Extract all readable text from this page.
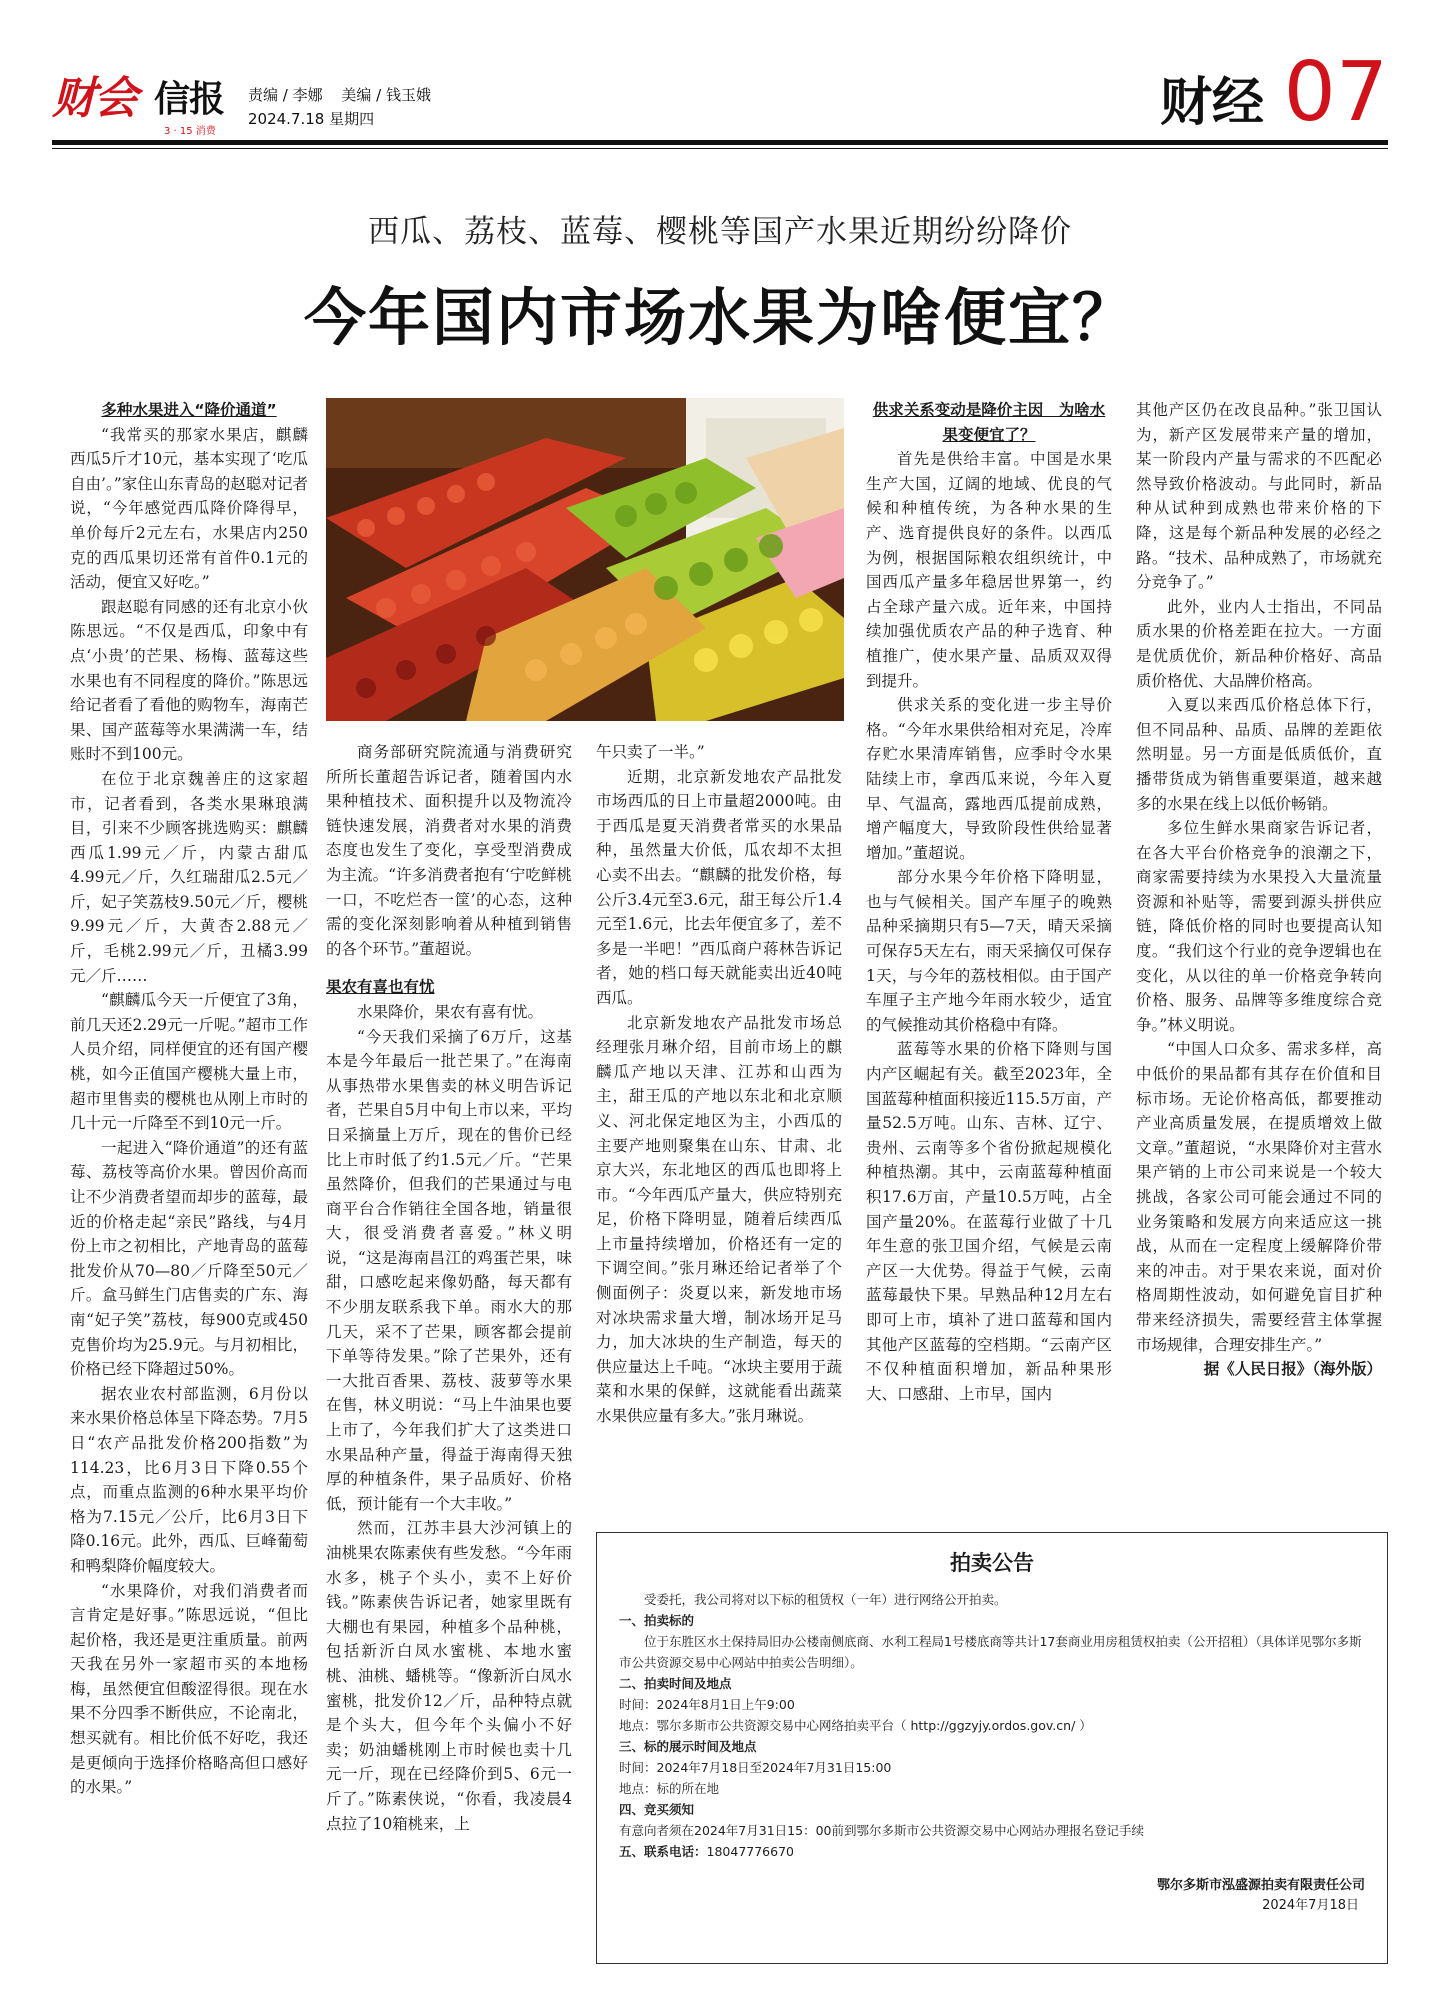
财会 信报
3 · 15 消费
责编 / 李娜 美编 / 钱玉娥
2024.7.18 星期四	财经 07
西瓜、荔枝、蓝莓、樱桃等国产水果近期纷纷降价
今年国内市场水果为啥便宜？
多种水果进入“降价通道”

“我常买的那家水果店，麒麟西瓜5斤才10元，基本实现了‘吃瓜自由’。”家住山东青岛的赵聪对记者说，“今年感觉西瓜降价降得早，单价每斤2元左右，水果店内250克的西瓜果切还常有首件0.1元的活动，便宜又好吃。”

跟赵聪有同感的还有北京小伙陈思远。“不仅是西瓜，印象中有点‘小贵’的芒果、杨梅、蓝莓这些水果也有不同程度的降价。”陈思远给记者看了看他的购物车，海南芒果、国产蓝莓等水果满满一车，结账时不到100元。

在位于北京魏善庄的这家超市，记者看到，各类水果琳琅满目，引来不少顾客挑选购买：麒麟西瓜1.99元／斤，内蒙古甜瓜4.99元／斤，久红瑞甜瓜2.5元／斤，妃子笑荔枝9.50元／斤，樱桃9.99元／斤，大黄杏2.88元／斤，毛桃2.99元／斤，丑橘3.99元／斤……

“麒麟瓜今天一斤便宜了3角，前几天还2.29元一斤呢。”超市工作人员介绍，同样便宜的还有国产樱桃，如今正值国产樱桃大量上市，超市里售卖的樱桃也从刚上市时的几十元一斤降至不到10元一斤。

一起进入“降价通道”的还有蓝莓、荔枝等高价水果。曾因价高而让不少消费者望而却步的蓝莓，最近的价格走起“亲民”路线，与4月份上市之初相比，产地青岛的蓝莓批发价从70—80／斤降至50元／斤。盒马鲜生门店售卖的广东、海南“妃子笑”荔枝，每900克或450克售价均为25.9元。与月初相比，价格已经下降超过50%。

据农业农村部监测，6月份以来水果价格总体呈下降态势。7月5日“农产品批发价格200指数”为114.23，比6月3日下降0.55个点，而重点监测的6种水果平均价格为7.15元／公斤，比6月3日下降0.16元。此外，西瓜、巨峰葡萄和鸭梨降价幅度较大。

“水果降价，对我们消费者而言肯定是好事。”陈思远说，“但比起价格，我还是更注重质量。前两天我在另外一家超市买的本地杨梅，虽然便宜但酸涩得很。现在水果不分四季不断供应，不论南北，想买就有。相比价低不好吃，我还是更倾向于选择价格略高但口感好的水果。”

商务部研究院流通与消费研究所所长董超告诉记者，随着国内水果种植技术、面积提升以及物流冷链快速发展，消费者对水果的消费态度也发生了变化，享受型消费成为主流。“许多消费者抱有‘宁吃鲜桃一口，不吃烂杏一筐’的心态，这种需的变化深刻影响着从种植到销售的各个环节。”董超说。

果农有喜也有忧

水果降价，果农有喜有忧。

“今天我们采摘了6万斤，这基本是今年最后一批芒果了。”在海南从事热带水果售卖的林义明告诉记者，芒果自5月中旬上市以来，平均日采摘量上万斤，现在的售价已经比上市时低了约1.5元／斤。“芒果虽然降价，但我们的芒果通过与电商平台合作销往全国各地，销量很大，很受消费者喜爱。”林义明说，“这是海南昌江的鸡蛋芒果，味甜，口感吃起来像奶酪，每天都有不少朋友联系我下单。雨水大的那几天，采不了芒果，顾客都会提前下单等待发果。”除了芒果外，还有一大批百香果、荔枝、菠萝等水果在售，林义明说：“马上牛油果也要上市了，今年我们扩大了这类进口水果品种产量，得益于海南得天独厚的种植条件，果子品质好、价格低，预计能有一个大丰收。”

然而，江苏丰县大沙河镇上的油桃果农陈素侠有些发愁。“今年雨水多，桃子个头小，卖不上好价钱。”陈素侠告诉记者，她家里既有大棚也有果园，种植多个品种桃，包括新沂白凤水蜜桃、本地水蜜桃、油桃、蟠桃等。“像新沂白凤水蜜桃，批发价12／斤，品种特点就是个头大，但今年个头偏小不好卖；奶油蟠桃刚上市时候也卖十几元一斤，现在已经降价到5、6元一斤了。”陈素侠说，“你看，我凌晨4点拉了10箱桃来，上

午只卖了一半。”

近期，北京新发地农产品批发市场西瓜的日上市量超2000吨。由于西瓜是夏天消费者常买的水果品种，虽然量大价低，瓜农却不太担心卖不出去。“麒麟的批发价格，每公斤3.4元至3.6元，甜王每公斤1.4元至1.6元，比去年便宜多了，差不多是一半吧！”西瓜商户蒋林告诉记者，她的档口每天就能卖出近40吨西瓜。

北京新发地农产品批发市场总经理张月琳介绍，目前市场上的麒麟瓜产地以天津、江苏和山西为主，甜王瓜的产地以东北和北京顺义、河北保定地区为主，小西瓜的主要产地则聚集在山东、甘肃、北京大兴，东北地区的西瓜也即将上市。“今年西瓜产量大，供应特别充足，价格下降明显，随着后续西瓜上市量持续增加，价格还有一定的下调空间。”张月琳还给记者举了个侧面例子：炎夏以来，新发地市场对冰块需求量大增，制冰场开足马力，加大冰块的生产制造，每天的供应量达上千吨。“冰块主要用于蔬菜和水果的保鲜，这就能看出蔬菜水果供应量有多大。”张月琳说。

供求关系变动是降价主因　为啥水果变便宜了？

首先是供给丰富。中国是水果生产大国，辽阔的地域、优良的气候和种植传统，为各种水果的生产、选育提供良好的条件。以西瓜为例，根据国际粮农组织统计，中国西瓜产量多年稳居世界第一，约占全球产量六成。近年来，中国持续加强优质农产品的种子选育、种植推广，使水果产量、品质双双得到提升。

供求关系的变化进一步主导价格。“今年水果供给相对充足，冷库存贮水果清库销售，应季时令水果陆续上市，拿西瓜来说，今年入夏早、气温高，露地西瓜提前成熟，增产幅度大，导致阶段性供给显著增加。”董超说。

部分水果今年价格下降明显，也与气候相关。国产车厘子的晚熟品种采摘期只有5—7天，晴天采摘可保存5天左右，雨天采摘仅可保存1天，与今年的荔枝相似。由于国产车厘子主产地今年雨水较少，适宜的气候推动其价格稳中有降。

蓝莓等水果的价格下降则与国内产区崛起有关。截至2023年，全国蓝莓种植面积接近115.5万亩，产量52.5万吨。山东、吉林、辽宁、贵州、云南等多个省份掀起规模化种植热潮。其中，云南蓝莓种植面积17.6万亩，产量10.5万吨，占全国产量20%。在蓝莓行业做了十几年生意的张卫国介绍，气候是云南产区一大优势。得益于气候，云南蓝莓最快下果。早熟品种12月左右即可上市，填补了进口蓝莓和国内其他产区蓝莓的空档期。“云南产区不仅种植面积增加，新品种果形大、口感甜、上市早，国内

其他产区仍在改良品种。”张卫国认为，新产区发展带来产量的增加，某一阶段内产量与需求的不匹配必然导致价格波动。与此同时，新品种从试种到成熟也带来价格的下降，这是每个新品种发展的必经之路。“技术、品种成熟了，市场就充分竞争了。”

此外，业内人士指出，不同品质水果的价格差距在拉大。一方面是优质优价，新品种价格好、高品质价格优、大品牌价格高。

入夏以来西瓜价格总体下行，但不同品种、品质、品牌的差距依然明显。另一方面是低质低价，直播带货成为销售重要渠道，越来越多的水果在线上以低价畅销。

多位生鲜水果商家告诉记者，在各大平台价格竞争的浪潮之下，商家需要持续为水果投入大量流量资源和补贴等，需要到源头拼供应链，降低价格的同时也要提高认知度。“我们这个行业的竞争逻辑也在变化，从以往的单一价格竞争转向价格、服务、品牌等多维度综合竞争。”林义明说。

“中国人口众多、需求多样，高中低价的果品都有其存在价值和目标市场。无论价格高低，都要推动产业高质量发展，在提质增效上做文章。”董超说，“水果降价对主营水果产销的上市公司来说是一个较大挑战，各家公司可能会通过不同的业务策略和发展方向来适应这一挑战，从而在一定程度上缓解降价带来的冲击。对于果农来说，面对价格周期性波动，如何避免盲目扩种带来经济损失，需要经营主体掌握市场规律，合理安排生产。”

据《人民日报》（海外版）

拍卖公告
受委托，我公司将对以下标的租赁权（一年）进行网络公开拍卖。
一、拍卖标的
位于东胜区水土保持局旧办公楼南侧底商、水利工程局1号楼底商等共计17套商业用房租赁权拍卖（公开招租）（具体详见鄂尔多斯市公共资源交易中心网站中拍卖公告明细）。
二、拍卖时间及地点
时间：2024年8月1日上午9:00
地点：鄂尔多斯市公共资源交易中心网络拍卖平台（ http://ggzyjy.ordos.gov.cn/ ）
三、标的展示时间及地点
时间：2024年7月18日至2024年7月31日15:00
地点：标的所在地
四、竞买须知
有意向者须在2024年7月31日15：00前到鄂尔多斯市公共资源交易中心网站办理报名登记手续
五、联系电话：18047776670
鄂尔多斯市泓盛源拍卖有限责任公司
2024年7月18日
